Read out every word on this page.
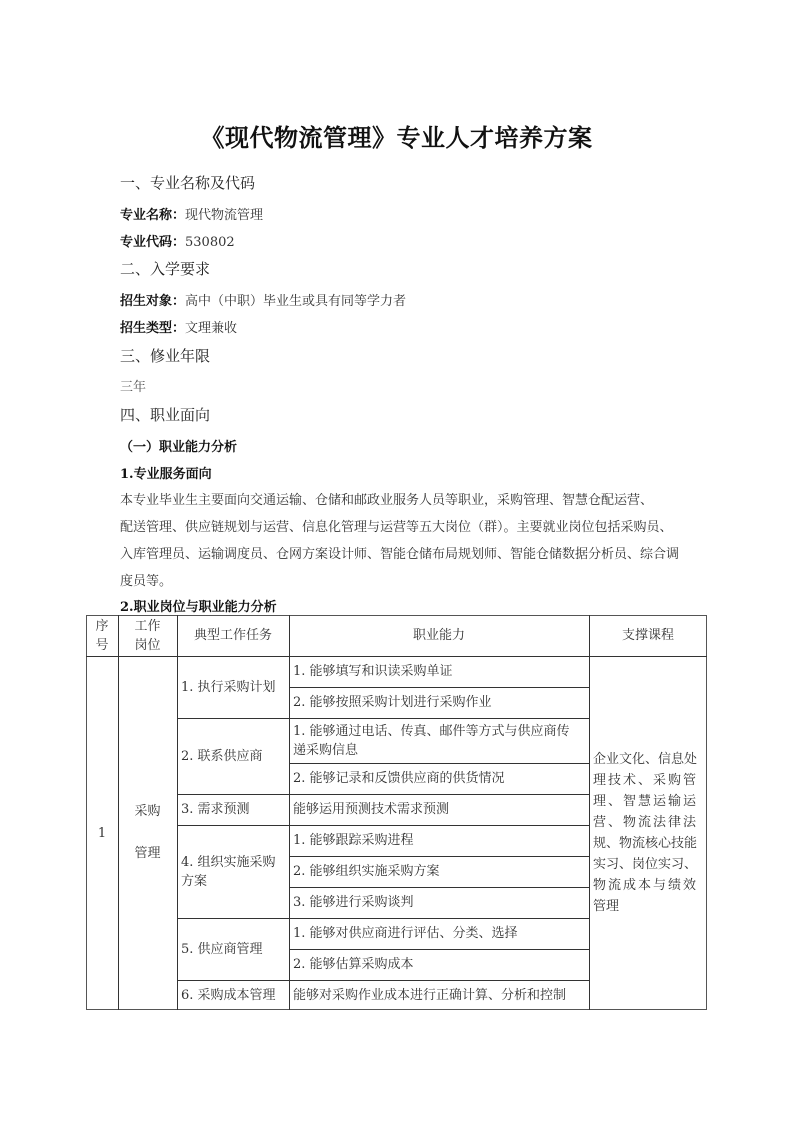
《现代物流管理》专业人才培养方案
一、专业名称及代码
专业名称：现代物流管理
专业代码：530802
二、入学要求
招生对象：高中（中职）毕业生或具有同等学力者
招生类型：文理兼收
三、修业年限
三年
四、职业面向
（一）职业能力分析
1.专业服务面向
本专业毕业生主要面向交通运输、仓储和邮政业服务人员等职业，采购管理、智慧仓配运营、
配送管理、供应链规划与运营、信息化管理与运营等五大岗位（群）。主要就业岗位包括采购员、
入库管理员、运输调度员、仓网方案设计师、智能仓储布局规划师、智能仓储数据分析员、综合调
度员等。
2.职业岗位与职业能力分析
序
号
工作
岗位
典型工作任务	职业能力	支撑课程
1
采购
管理
1. 执行采购计划
2. 联系供应商
3. 需求预测
4. 组织实施采购
方案
5. 供应商管理
6. 采购成本管理
1. 能够填写和识读采购单证
2. 能够按照采购计划进行采购作业
1. 能够通过电话、传真、邮件等方式与供应商传
递采购信息
2. 能够记录和反馈供应商的供货情况
能够运用预测技术需求预测
1. 能够跟踪采购进程
2. 能够组织实施采购方案
3. 能够进行采购谈判
1. 能够对供应商进行评估、分类、选择
2. 能够估算采购成本
能够对采购作业成本进行正确计算、分析和控制
企业文化、信息处
理技术、采购管
理、智慧运输运
营、物流法律法
规、物流核心技能
实习、岗位实习、
物流成本与绩效
管理
